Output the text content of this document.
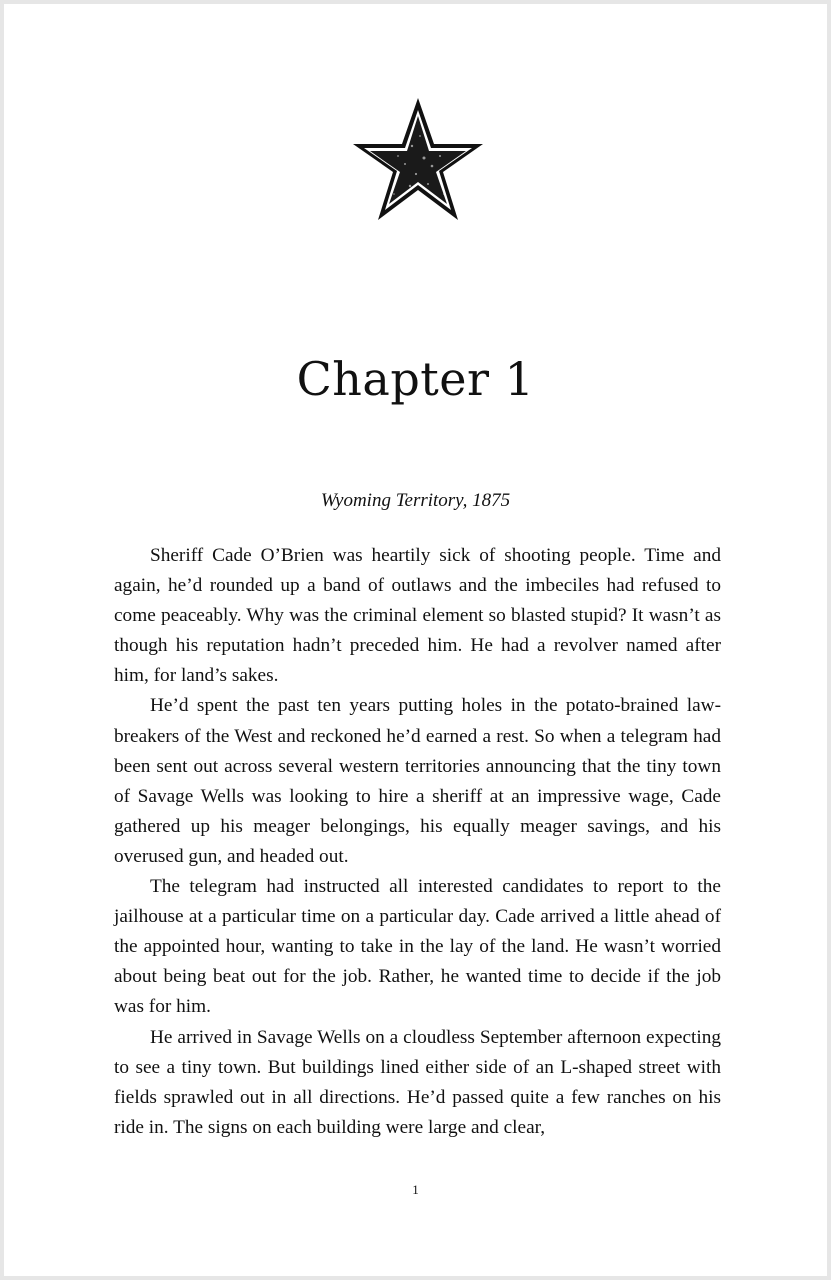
Chapter 1

Wyoming Territory, 1875

Sheriff Cade O’Brien was heartily sick of shooting people. Time and again, he’d rounded up a band of outlaws and the imbeciles had refused to come peaceably. Why was the criminal element so blasted stupid? It wasn’t as though his reputation hadn’t preceded him. He had a revolver named after him, for land’s sakes.

He’d spent the past ten years putting holes in the potato-brained lawbreakers of the West and reckoned he’d earned a rest. So when a telegram had been sent out across several western territories announcing that the tiny town of Savage Wells was looking to hire a sheriff at an impressive wage, Cade gathered up his meager belongings, his equally meager savings, and his overused gun, and headed out.

The telegram had instructed all interested candidates to report to the jailhouse at a particular time on a particular day. Cade arrived a little ahead of the appointed hour, wanting to take in the lay of the land. He wasn’t worried about being beat out for the job. Rather, he wanted time to decide if the job was for him.

He arrived in Savage Wells on a cloudless September afternoon expecting to see a tiny town. But buildings lined either side of an L-shaped street with fields sprawled out in all directions. He’d passed quite a few ranches on his ride in. The signs on each building were large and clear,

1
